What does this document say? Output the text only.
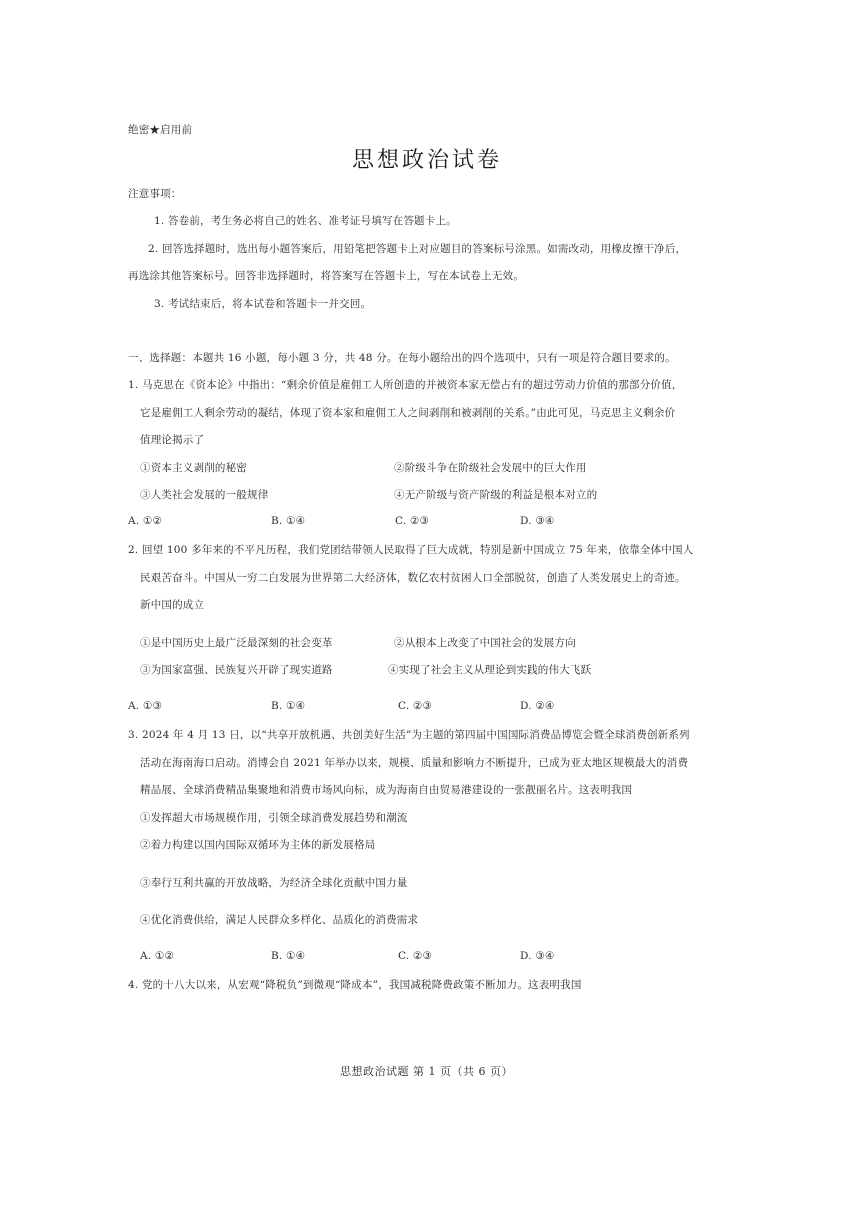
绝密★启用前
思想政治试卷
注意事项：
1. 答卷前，考生务必将自己的姓名、准考证号填写在答题卡上。
2. 回答选择题时，选出每小题答案后，用铅笔把答题卡上对应题目的答案标号涂黑。如需改动，用橡皮擦干净后，
再选涂其他答案标号。回答非选择题时，将答案写在答题卡上，写在本试卷上无效。
3. 考试结束后，将本试卷和答题卡一并交回。
一、选择题：本题共 16 小题，每小题 3 分，共 48 分。在每小题给出的四个选项中，只有一项是符合题目要求的。
1. 马克思在《资本论》中指出：“剩余价值是雇佣工人所创造的并被资本家无偿占有的超过劳动力价值的那部分价值，
它是雇佣工人剩余劳动的凝结，体现了资本家和雇佣工人之间剥削和被剥削的关系。”由此可见，马克思主义剩余价
值理论揭示了
①资本主义剥削的秘密	②阶级斗争在阶级社会发展中的巨大作用
③人类社会发展的一般规律	④无产阶级与资产阶级的利益是根本对立的
A. ①②	B. ①④	C. ②③	D. ③④
2. 回望 100 多年来的不平凡历程，我们党团结带领人民取得了巨大成就，特别是新中国成立 75 年来，依靠全体中国人
民艰苦奋斗。中国从一穷二白发展为世界第二大经济体，数亿农村贫困人口全部脱贫，创造了人类发展史上的奇迹。
新中国的成立
①是中国历史上最广泛最深刻的社会变革	②从根本上改变了中国社会的发展方向
③为国家富强、民族复兴开辟了现实道路	④实现了社会主义从理论到实践的伟大飞跃
A. ①③	B. ①④	C. ②③	D. ②④
3. 2024 年 4 月 13 日，以“共享开放机遇、共创美好生活”为主题的第四届中国国际消费品博览会暨全球消费创新系列
活动在海南海口启动。消博会自 2021 年举办以来，规模、质量和影响力不断提升，已成为亚太地区规模最大的消费
精品展、全球消费精品集聚地和消费市场风向标，成为海南自由贸易港建设的一张靓丽名片。这表明我国
①发挥超大市场规模作用，引领全球消费发展趋势和潮流
②着力构建以国内国际双循环为主体的新发展格局
③奉行互利共赢的开放战略，为经济全球化贡献中国力量
④优化消费供给，满足人民群众多样化、品质化的消费需求
A. ①②	B. ①④	C. ②③	D. ③④
4. 党的十八大以来，从宏观“降税负”到微观“降成本”，我国减税降费政策不断加力。这表明我国
思想政治试题 第 1 页（共 6 页）
